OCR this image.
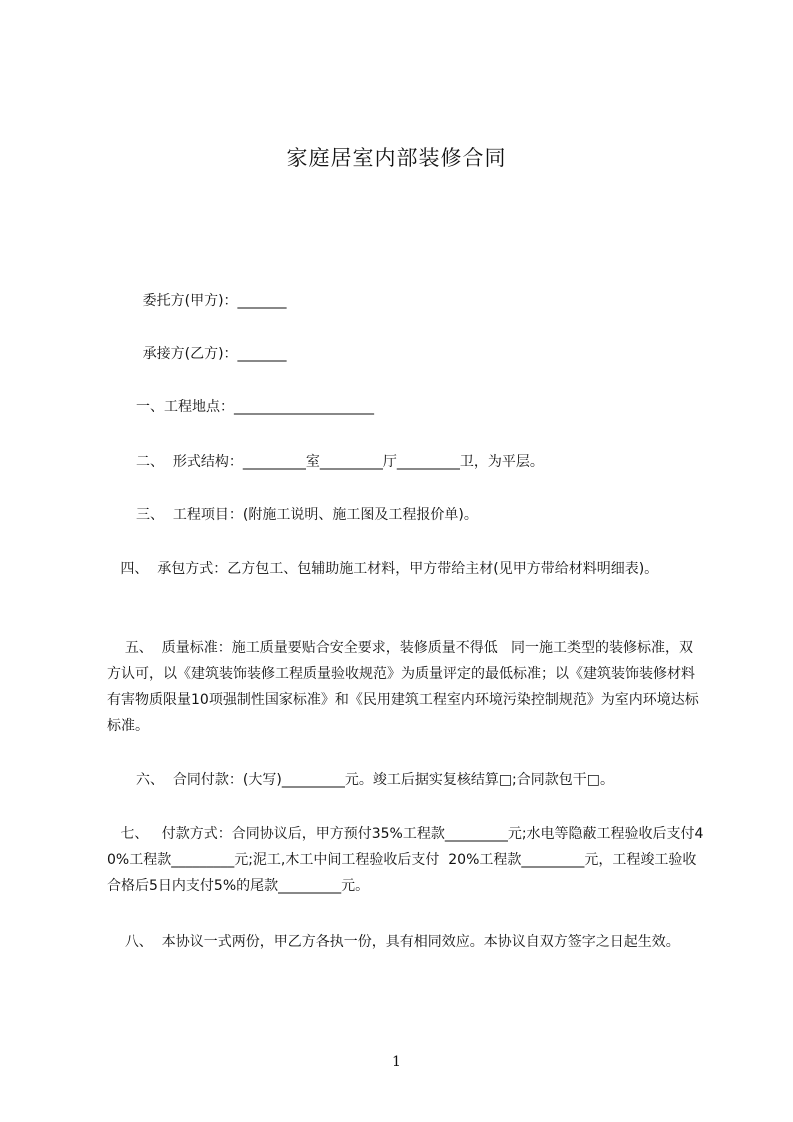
家庭居室内部装修合同
委托方(甲方)：_______
承接方(乙方)：_______
一、工程地点：____________________
二、  形式结构：_________室_________厅_________卫，为平层。
三、  工程项目：(附施工说明、施工图及工程报价单)。
四、  承包方式：乙方包工、包辅助施工材料，甲方带给主材(见甲方带给材料明细表)。
五、  质量标准：施工质量要贴合安全要求，装修质量不得低   同一施工类型的装修标准，双方认可，以《建筑装饰装修工程质量验收规范》为质量评定的最低标准；以《建筑装饰装修材料有害物质限量10项强制性国家标准》和《民用建筑工程室内环境污染控制规范》为室内环境达标标准。
六、  合同付款：(大写)_________元。竣工后据实复核结算□;合同款包干□。
七、   付款方式：合同协议后，甲方预付35%工程款_________元;水电等隐蔽工程验收后支付40%工程款_________元;泥工,木工中间工程验收后支付  20%工程款_________元，工程竣工验收合格后5日内支付5%的尾款_________元。
八、  本协议一式两份，甲乙方各执一份，具有相同效应。本协议自双方签字之日起生效。
1
